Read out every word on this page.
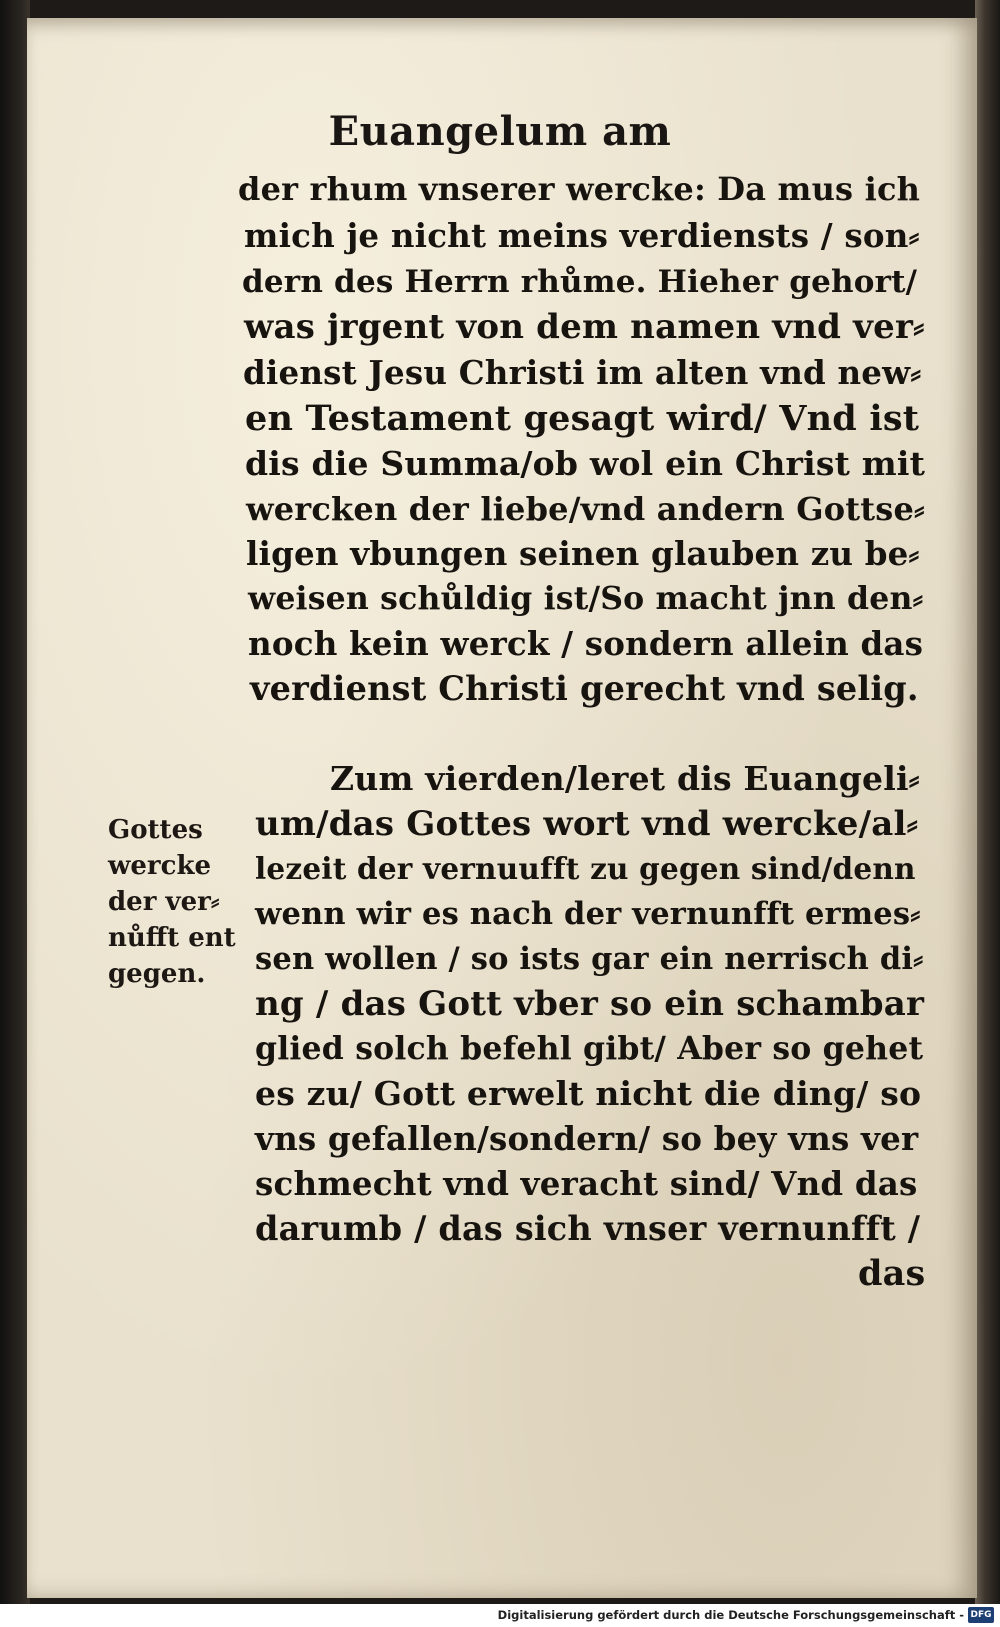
Euangelum am
der rhum vnserer wercke: Da mus ich
mich je nicht meins verdiensts / son⸗
dern des Herrn rhůme. Hieher gehort/
was jrgent von dem namen vnd ver⸗
dienst Jesu Christi im alten vnd new⸗
en Testament gesagt wird/ Vnd ist
dis die Summa/ob wol ein Christ mit
wercken der liebe/vnd andern Gottse⸗
ligen vbungen seinen glauben zu be⸗
weisen schůldig ist/So macht jnn den⸗
noch kein werck / sondern allein das
verdienst Christi gerecht vnd selig.
Zum vierden/leret dis Euangeli⸗
um/das Gottes wort vnd wercke/al⸗
lezeit der vernuufft zu gegen sind/denn
wenn wir es nach der vernunfft ermes⸗
sen wollen / so ists gar ein nerrisch di⸗
ng / das Gott vber so ein schambar
glied solch befehl gibt/ Aber so gehet
es zu/ Gott erwelt nicht die ding/ so
vns gefallen/sondern/ so bey vns ver
schmecht vnd veracht sind/ Vnd das
darumb / das sich vnser vernunfft /
das
Gottes
wercke
der ver⸗
nůfft ent
gegen.
Digitalisierung gefördert durch die Deutsche Forschungsgemeinschaft - DFG
